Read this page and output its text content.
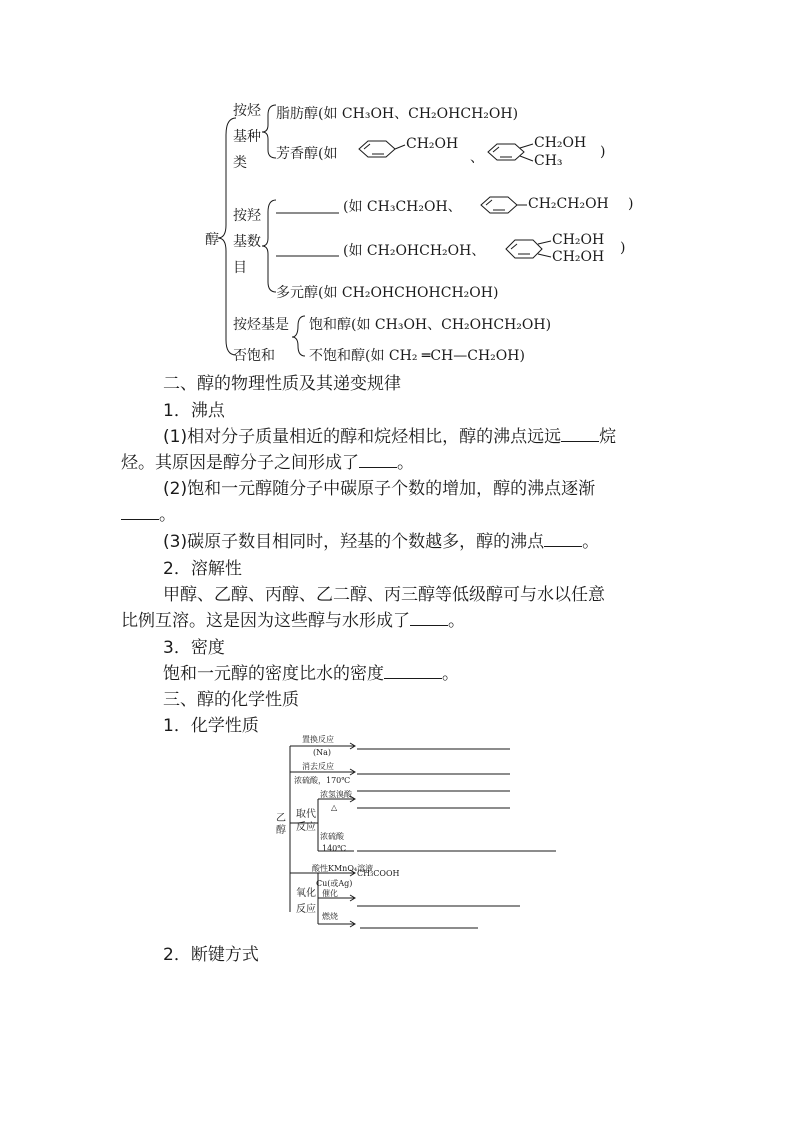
醇
按烃
基种
类
脂肪醇(如 CH₃OH、CH₂OHCH₂OH)
芳香醇(如
CH₂OH
、
CH₂OH
CH₃
)
按羟
基数
目
(如 CH₃CH₂OH、	CH₂CH₂OH )
(如 CH₂OHCH₂OH、
CH₂OH
CH₂OH
)
多元醇(如 CH₂OHCHOHCH₂OH)
按烃基是
否饱和
饱和醇(如 CH₃OH、CH₂OHCH₂OH)
不饱和醇(如 CH₂ ═CH—CH₂OH)
二、醇的物理性质及其递变规律
1．沸点
(1)相对分子质量相近的醇和烷烃相比，醇的沸点远远 烷
烃。其原因是醇分子之间形成了 。
(2)饱和一元醇随分子中碳原子个数的增加，醇的沸点逐渐
。
(3)碳原子数目相同时，羟基的个数越多，醇的沸点 。
2．溶解性
甲醇、乙醇、丙醇、乙二醇、丙三醇等低级醇可与水以任意
比例互溶。这是因为这些醇与水形成了 。
3．密度
饱和一元醇的密度比水的密度	。
三、醇的化学性质
1．化学性质
乙
醇
置换反应
(Na)
消去反应
浓硫酸，170℃
取代
反应
浓氢溴酸
△
浓硫酸
140℃
氧化
反应
酸性KMnO₄溶液
CH₃COOH
Cu(或Ag)
催化
燃烧
2．断键方式
